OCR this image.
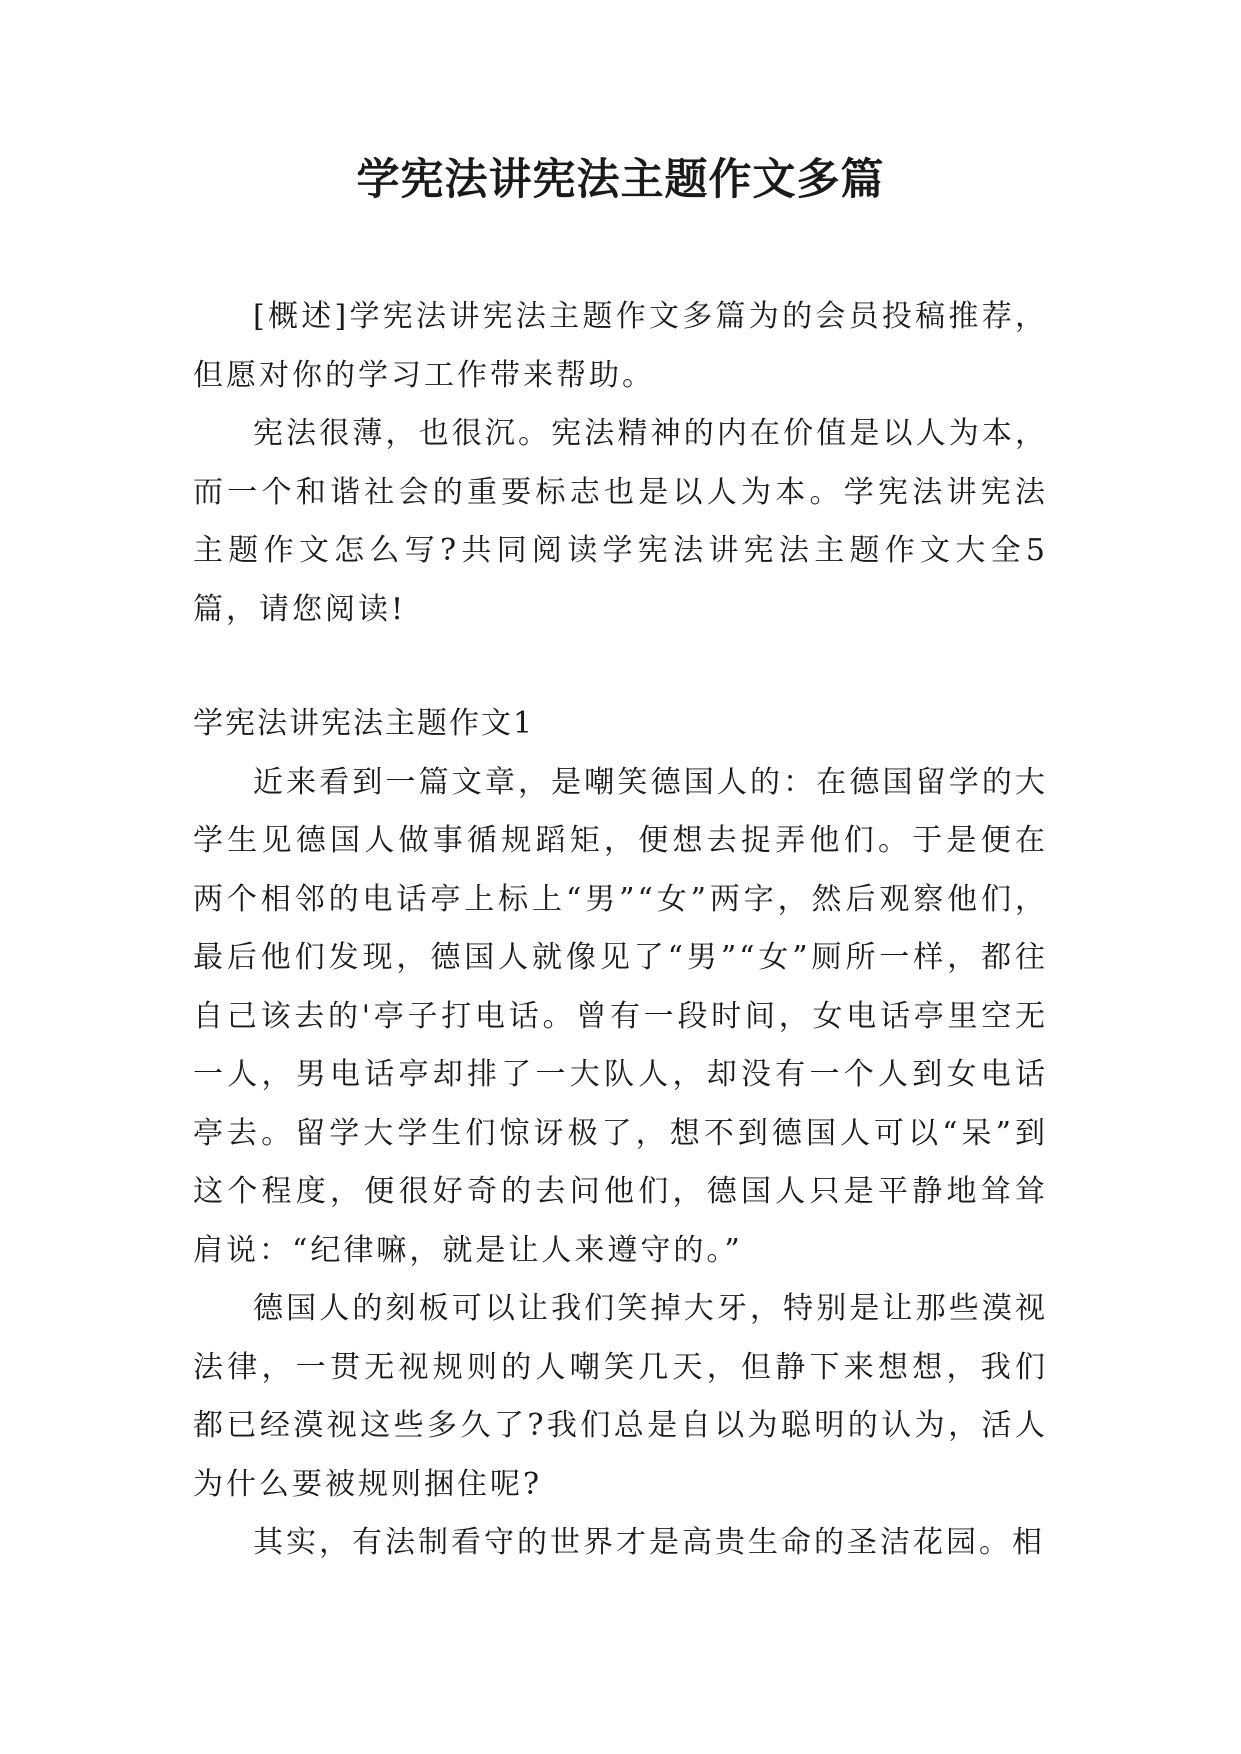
学宪法讲宪法主题作文多篇

[概述]学宪法讲宪法主题作文多篇为的会员投稿推荐，但愿对你的学习工作带来帮助。

宪法很薄，也很沉。宪法精神的内在价值是以人为本，而一个和谐社会的重要标志也是以人为本。学宪法讲宪法主题作文怎么写?共同阅读学宪法讲宪法主题作文大全5篇，请您阅读!

学宪法讲宪法主题作文1

近来看到一篇文章，是嘲笑德国人的：在德国留学的大学生见德国人做事循规蹈矩，便想去捉弄他们。于是便在两个相邻的电话亭上标上“男”“女”两字，然后观察他们，最后他们发现，德国人就像见了“男”“女”厕所一样，都往自己该去的'亭子打电话。曾有一段时间，女电话亭里空无一人，男电话亭却排了一大队人，却没有一个人到女电话亭去。留学大学生们惊讶极了，想不到德国人可以“呆”到这个程度，便很好奇的去问他们，德国人只是平静地耸耸肩说：“纪律嘛，就是让人来遵守的。”

德国人的刻板可以让我们笑掉大牙，特别是让那些漠视法律，一贯无视规则的人嘲笑几天，但静下来想想，我们都已经漠视这些多久了?我们总是自以为聪明的认为，活人为什么要被规则捆住呢?

其实，有法制看守的世界才是高贵生命的圣洁花园。相
